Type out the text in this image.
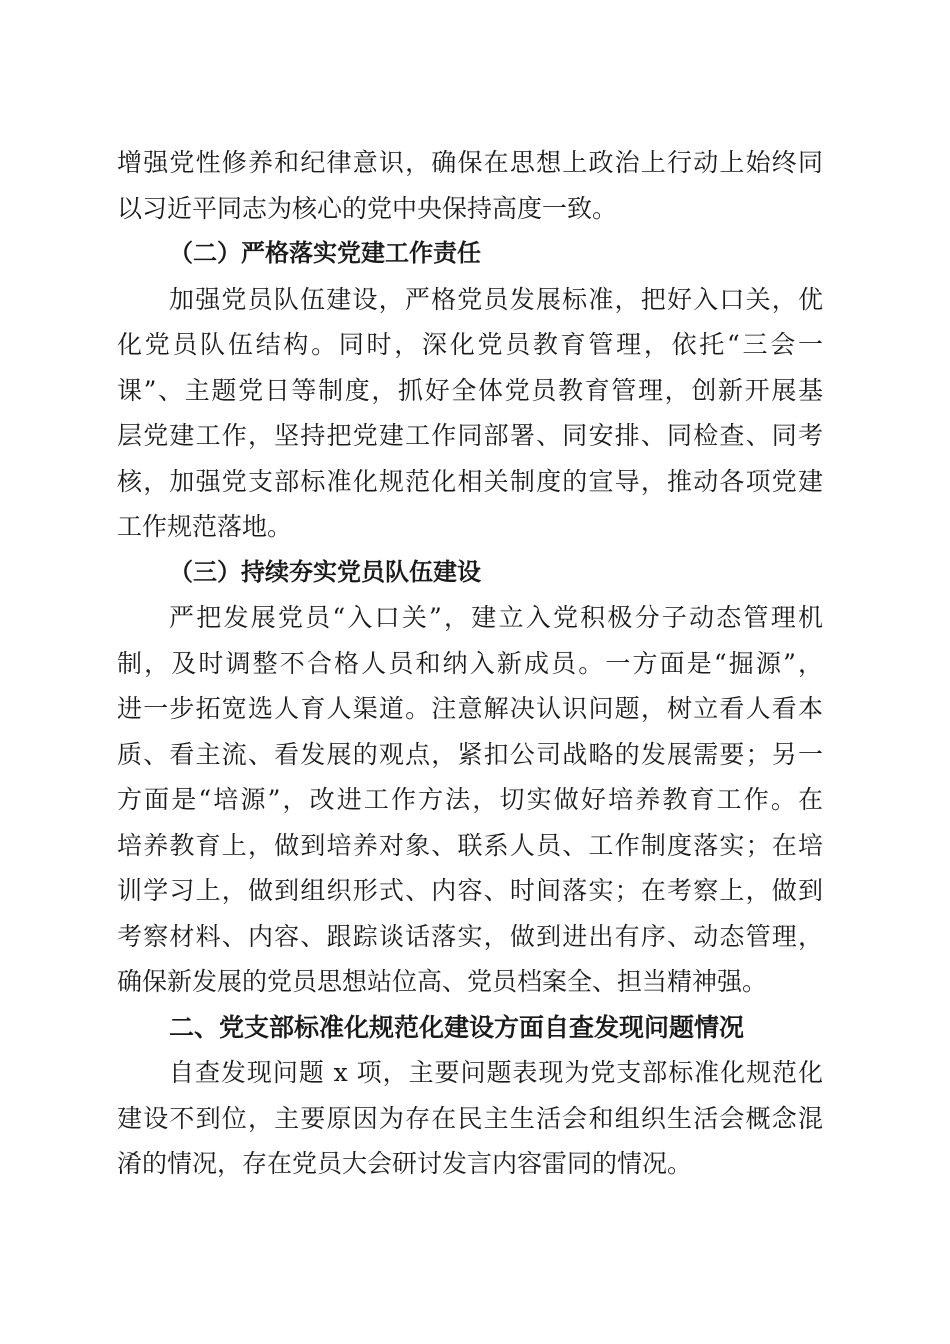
增强党性修养和纪律意识，确保在思想上政治上行动上始终同
以习近平同志为核心的党中央保持高度一致。
（二）严格落实党建工作责任
加强党员队伍建设，严格党员发展标准，把好入口关，优
化党员队伍结构。同时，深化党员教育管理，依托“三会一
课”、主题党日等制度，抓好全体党员教育管理，创新开展基
层党建工作，坚持把党建工作同部署、同安排、同检查、同考
核，加强党支部标准化规范化相关制度的宣导，推动各项党建
工作规范落地。
（三）持续夯实党员队伍建设
严把发展党员“入口关”，建立入党积极分子动态管理机
制，及时调整不合格人员和纳入新成员。一方面是“掘源”，
进一步拓宽选人育人渠道。注意解决认识问题，树立看人看本
质、看主流、看发展的观点，紧扣公司战略的发展需要；另一
方面是“培源”，改进工作方法，切实做好培养教育工作。在
培养教育上，做到培养对象、联系人员、工作制度落实；在培
训学习上，做到组织形式、内容、时间落实；在考察上，做到
考察材料、内容、跟踪谈话落实，做到进出有序、动态管理，
确保新发展的党员思想站位高、党员档案全、担当精神强。
二、党支部标准化规范化建设方面自查发现问题情况
自查发现问题 x 项，主要问题表现为党支部标准化规范化
建设不到位，主要原因为存在民主生活会和组织生活会概念混
淆的情况，存在党员大会研讨发言内容雷同的情况。
